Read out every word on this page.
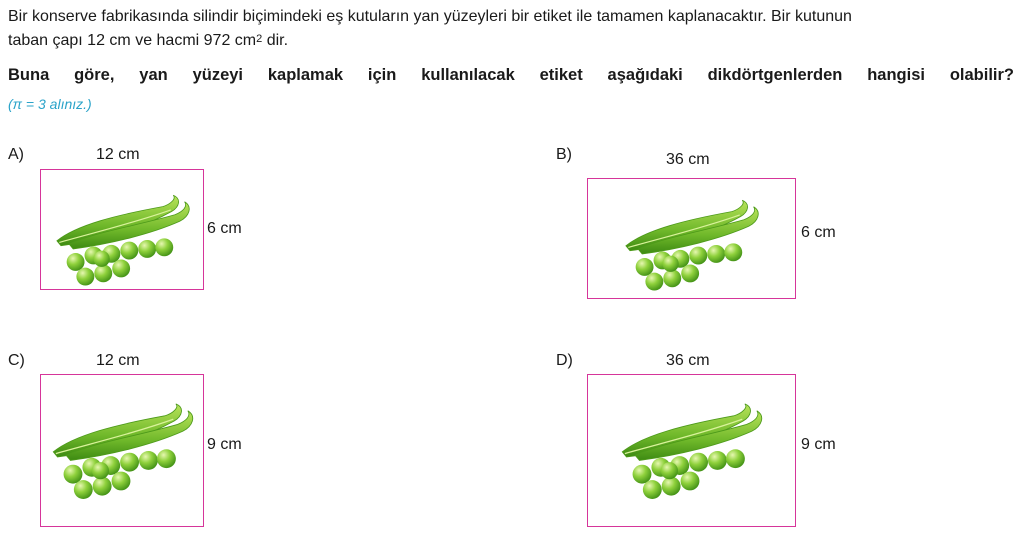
Bir konserve fabrikasında silindir biçimindeki eş kutuların yan yüzeyleri bir etiket ile tamamen kaplanacaktır. Bir kutunun
taban çapı 12 cm ve hacmi 972 $cm^2$ dir.
Buna göre, yan yüzeyi kaplamak için kullanılacak etiket aşağıdaki dikdörtgenlerden hangisi olabilir?
(π = 3 alınız.)
A)	12 cm
6 cm
B)	36 cm
6 cm
C)	12 cm
9 cm
D)	36 cm
9 cm
